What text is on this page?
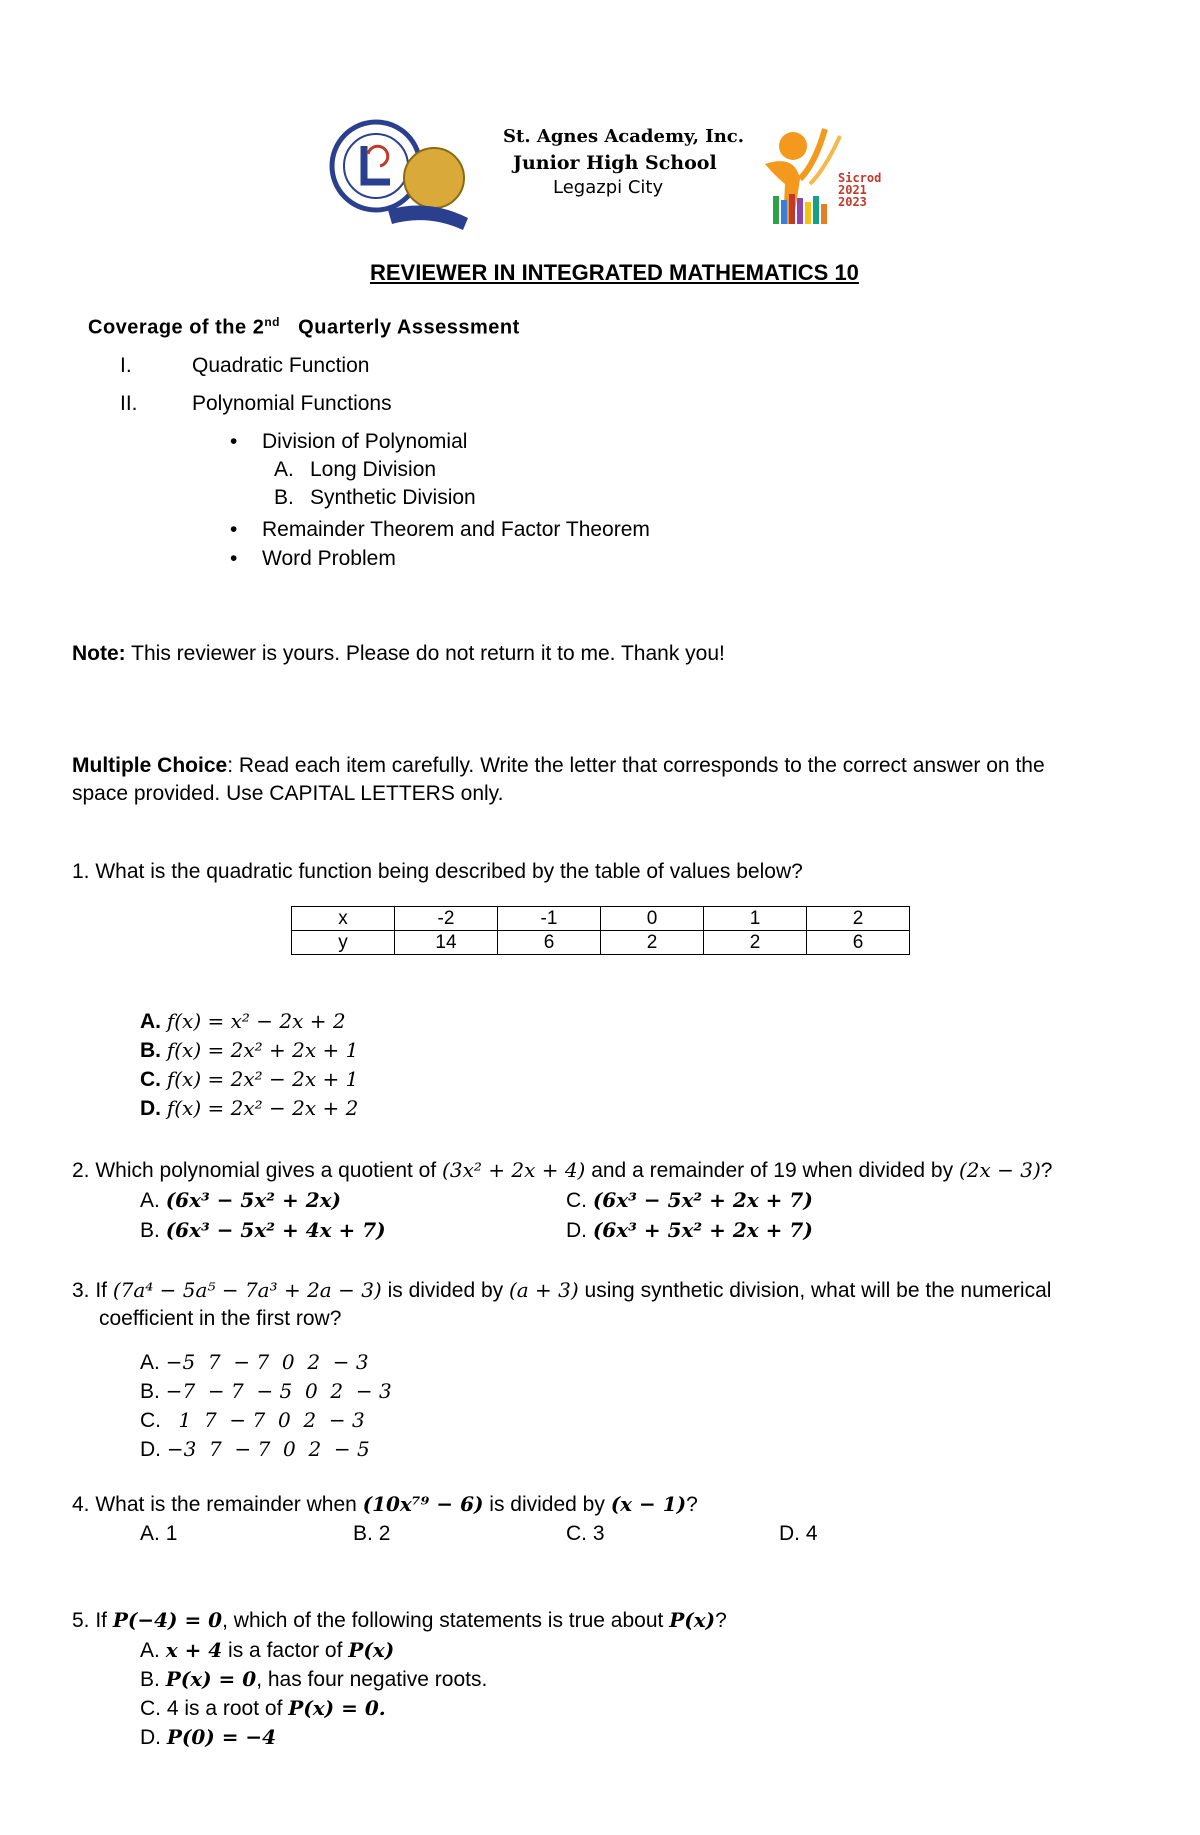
St. Agnes Academy, Inc.
Junior High School
Legazpi City	Sicrod
2021
2023
REVIEWER IN INTEGRATED MATHEMATICS 10
Coverage of the 2nd Quarterly Assessment
I.	Quadratic Function
II.	Polynomial Functions
• Division of Polynomial
A. Long Division
B. Synthetic Division
• Remainder Theorem and Factor Theorem
• Word Problem
Note: This reviewer is yours. Please do not return it to me. Thank you!
Multiple Choice: Read each item carefully. Write the letter that corresponds to the correct answer on the
space provided. Use CAPITAL LETTERS only.
1. What is the quadratic function being described by the table of values below?
x	-2	-1	0	1	2
y	14	6	2	2	6
A. f(x) = x² − 2x + 2
B. f(x) = 2x² + 2x + 1
C. f(x) = 2x² − 2x + 1
D. f(x) = 2x² − 2x + 2
2. Which polynomial gives a quotient of (3x² + 2x + 4) and a remainder of 19 when divided by (2x − 3)?
A. (6x³ − 5x² + 2x)	C. (6x³ − 5x² + 2x + 7)
B. (6x³ − 5x² + 4x + 7)	D. (6x³ + 5x² + 2x + 7)
3. If (7a⁴ − 5a⁵ − 7a³ + 2a − 3) is divided by (a + 3) using synthetic division, what will be the numerical
coefficient in the first row?
A. −5  7  − 7  0  2  − 3
B. −7  − 7  − 5  0  2  − 3
C. 1  7  − 7  0  2  − 3
D. −3  7  − 7  0  2  − 5
4. What is the remainder when (10x⁷⁹ − 6) is divided by (x − 1)?
A. 1	B. 2	C. 3	D. 4
5. If P(−4) = 0, which of the following statements is true about P(x)?
A. x + 4 is a factor of P(x)
B. P(x) = 0, has four negative roots.
C. 4 is a root of P(x) = 0.
D. P(0) = −4
